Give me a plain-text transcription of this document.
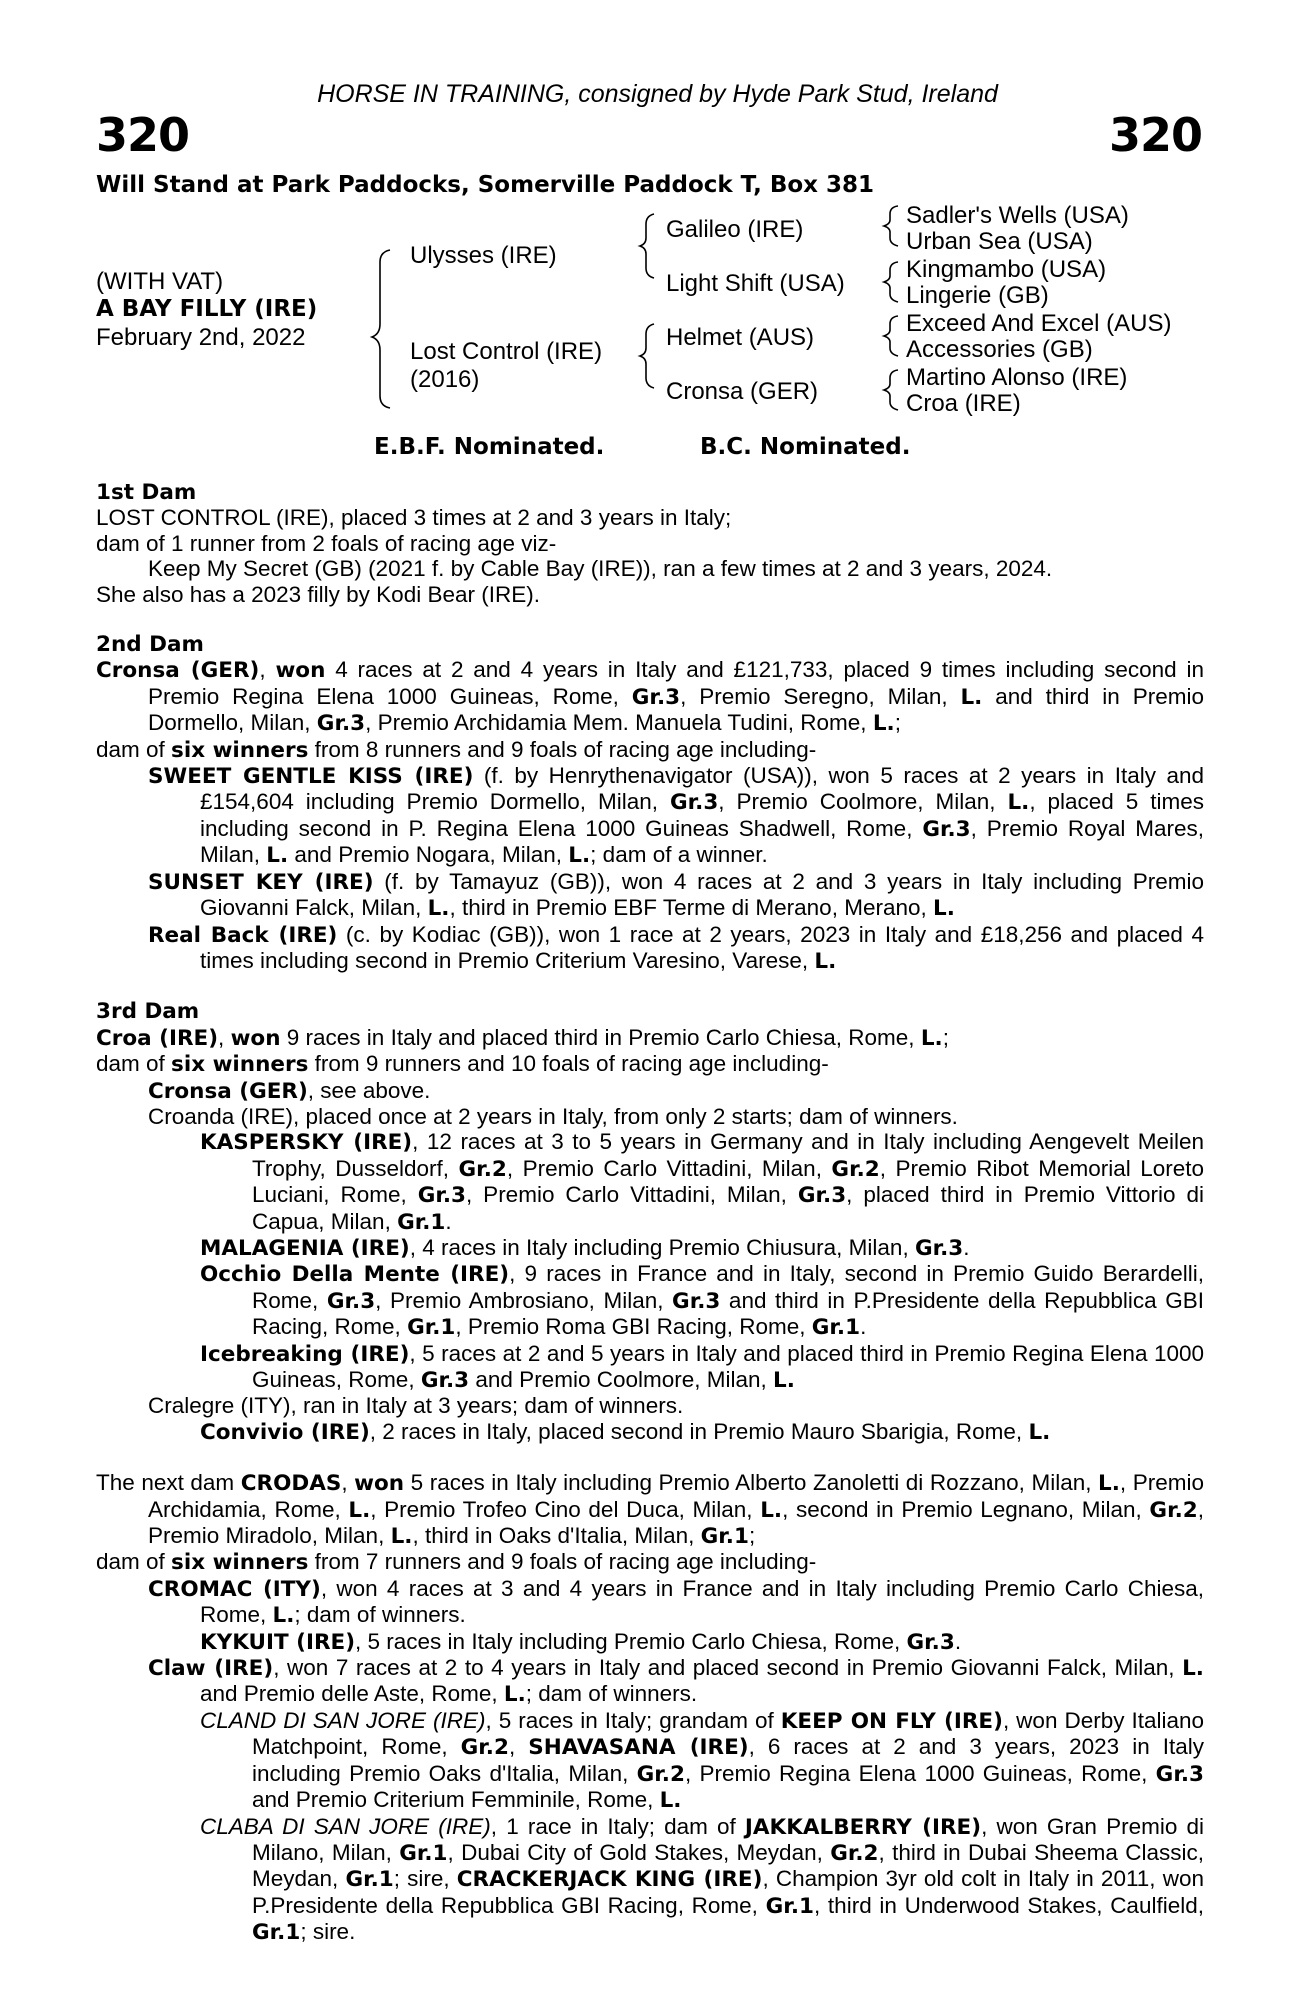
HORSE IN TRAINING, consigned by Hyde Park Stud, Ireland
320	320
Will Stand at Park Paddocks, Somerville Paddock T, Box 381
(WITH VAT)
A BAY FILLY (IRE)
February 2nd, 2022
Ulysses (IRE)
Lost Control (IRE)
(2016)
Galileo (IRE)
Light Shift (USA)
Helmet (AUS)
Cronsa (GER)
Sadler's Wells (USA)
Urban Sea (USA)
Kingmambo (USA)
Lingerie (GB)
Exceed And Excel (AUS)
Accessories (GB)
Martino Alonso (IRE)
Croa (IRE)
E.B.F. Nominated.	B.C. Nominated.
1st Dam
LOST CONTROL (IRE), placed 3 times at 2 and 3 years in Italy;
dam of 1 runner from 2 foals of racing age viz-
Keep My Secret (GB) (2021 f. by Cable Bay (IRE)), ran a few times at 2 and 3 years, 2024.
She also has a 2023 filly by Kodi Bear (IRE).
2nd Dam
Cronsa (GER), won 4 races at 2 and 4 years in Italy and £121,733, placed 9 times including second in Premio Regina Elena 1000 Guineas, Rome, Gr.3, Premio Seregno, Milan, L. and third in Premio Dormello, Milan, Gr.3, Premio Archidamia Mem. Manuela Tudini, Rome, L.;
dam of six winners from 8 runners and 9 foals of racing age including-
SWEET GENTLE KISS (IRE) (f. by Henrythenavigator (USA)), won 5 races at 2 years in Italy and £154,604 including Premio Dormello, Milan, Gr.3, Premio Coolmore, Milan, L., placed 5 times including second in P. Regina Elena 1000 Guineas Shadwell, Rome, Gr.3, Premio Royal Mares, Milan, L. and Premio Nogara, Milan, L.; dam of a winner.
SUNSET KEY (IRE) (f. by Tamayuz (GB)), won 4 races at 2 and 3 years in Italy including Premio Giovanni Falck, Milan, L., third in Premio EBF Terme di Merano, Merano, L.
Real Back (IRE) (c. by Kodiac (GB)), won 1 race at 2 years, 2023 in Italy and £18,256 and placed 4 times including second in Premio Criterium Varesino, Varese, L.
3rd Dam
Croa (IRE), won 9 races in Italy and placed third in Premio Carlo Chiesa, Rome, L.;
dam of six winners from 9 runners and 10 foals of racing age including-
Cronsa (GER), see above.
Croanda (IRE), placed once at 2 years in Italy, from only 2 starts; dam of winners.
KASPERSKY (IRE), 12 races at 3 to 5 years in Germany and in Italy including Aengevelt Meilen Trophy, Dusseldorf, Gr.2, Premio Carlo Vittadini, Milan, Gr.2, Premio Ribot Memorial Loreto Luciani, Rome, Gr.3, Premio Carlo Vittadini, Milan, Gr.3, placed third in Premio Vittorio di Capua, Milan, Gr.1.
MALAGENIA (IRE), 4 races in Italy including Premio Chiusura, Milan, Gr.3.
Occhio Della Mente (IRE), 9 races in France and in Italy, second in Premio Guido Berardelli, Rome, Gr.3, Premio Ambrosiano, Milan, Gr.3 and third in P.Presidente della Repubblica GBI Racing, Rome, Gr.1, Premio Roma GBI Racing, Rome, Gr.1.
Icebreaking (IRE), 5 races at 2 and 5 years in Italy and placed third in Premio Regina Elena 1000 Guineas, Rome, Gr.3 and Premio Coolmore, Milan, L.
Cralegre (ITY), ran in Italy at 3 years; dam of winners.
Convivio (IRE), 2 races in Italy, placed second in Premio Mauro Sbarigia, Rome, L.
The next dam CRODAS, won 5 races in Italy including Premio Alberto Zanoletti di Rozzano, Milan, L., Premio Archidamia, Rome, L., Premio Trofeo Cino del Duca, Milan, L., second in Premio Legnano, Milan, Gr.2, Premio Miradolo, Milan, L., third in Oaks d'Italia, Milan, Gr.1;
dam of six winners from 7 runners and 9 foals of racing age including-
CROMAC (ITY), won 4 races at 3 and 4 years in France and in Italy including Premio Carlo Chiesa, Rome, L.; dam of winners.
KYKUIT (IRE), 5 races in Italy including Premio Carlo Chiesa, Rome, Gr.3.
Claw (IRE), won 7 races at 2 to 4 years in Italy and placed second in Premio Giovanni Falck, Milan, L. and Premio delle Aste, Rome, L.; dam of winners.
CLAND DI SAN JORE (IRE), 5 races in Italy; grandam of KEEP ON FLY (IRE), won Derby Italiano Matchpoint, Rome, Gr.2, SHAVASANA (IRE), 6 races at 2 and 3 years, 2023 in Italy including Premio Oaks d'Italia, Milan, Gr.2, Premio Regina Elena 1000 Guineas, Rome, Gr.3 and Premio Criterium Femminile, Rome, L.
CLABA DI SAN JORE (IRE), 1 race in Italy; dam of JAKKALBERRY (IRE), won Gran Premio di Milano, Milan, Gr.1, Dubai City of Gold Stakes, Meydan, Gr.2, third in Dubai Sheema Classic, Meydan, Gr.1; sire, CRACKERJACK KING (IRE), Champion 3yr old colt in Italy in 2011, won P.Presidente della Repubblica GBI Racing, Rome, Gr.1, third in Underwood Stakes, Caulfield, Gr.1; sire.
